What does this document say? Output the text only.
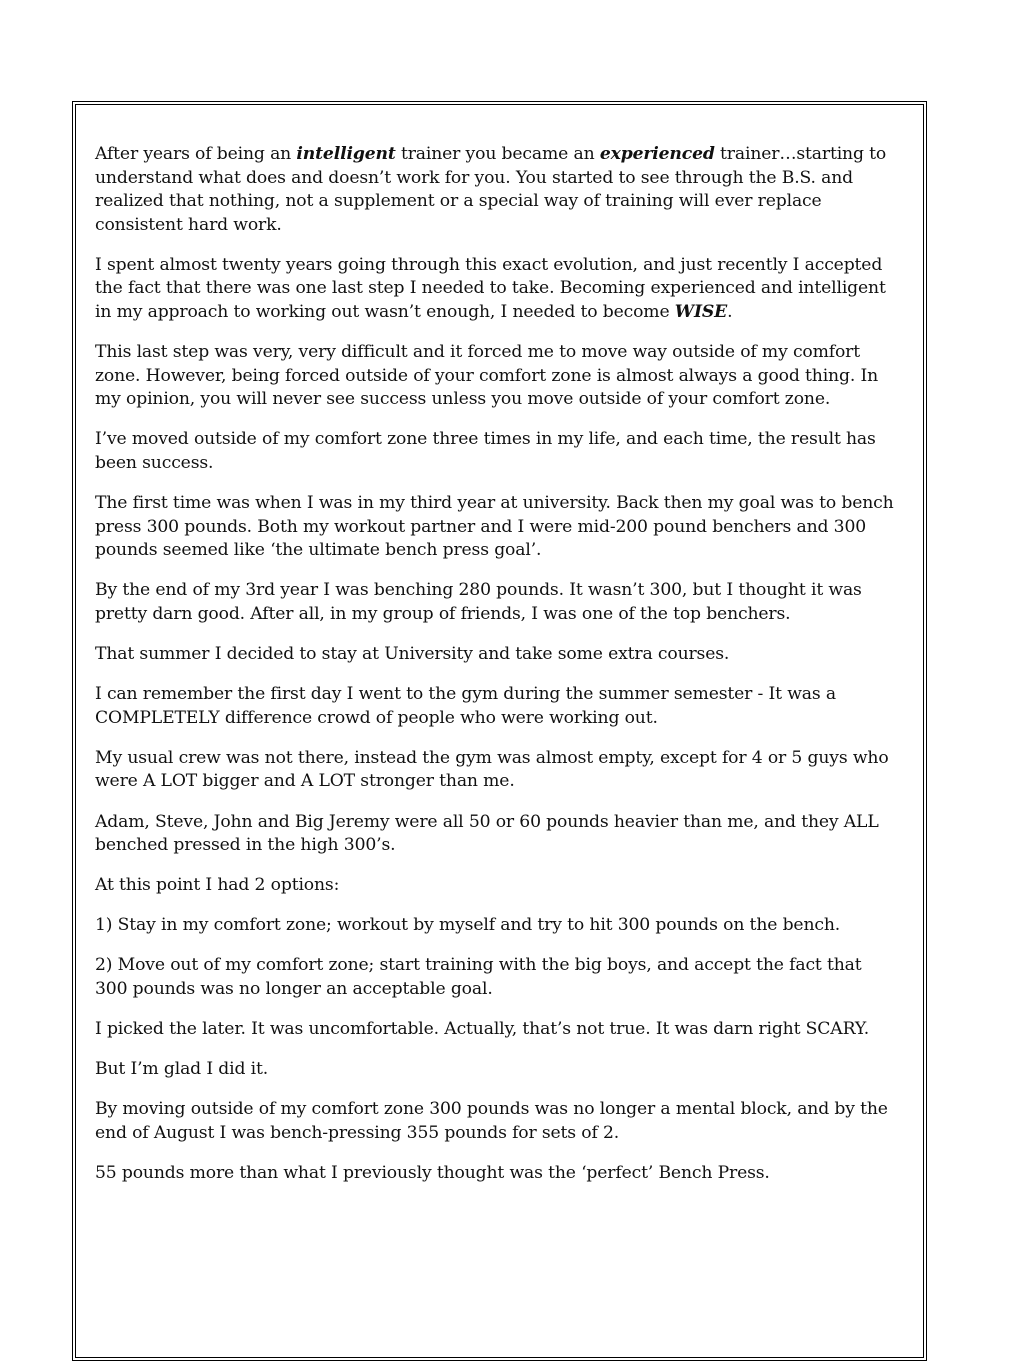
After years of being an intelligent trainer you became an experienced trainer…starting to understand what does and doesn’t work for you. You started to see through the B.S. and realized that nothing, not a supplement or a special way of training will ever replace consistent hard work.

I spent almost twenty years going through this exact evolution, and just recently I accepted the fact that there was one last step I needed to take. Becoming experienced and intelligent in my approach to working out wasn’t enough, I needed to become WISE.

This last step was very, very difficult and it forced me to move way outside of my comfort zone. However, being forced outside of your comfort zone is almost always a good thing. In my opinion, you will never see success unless you move outside of your comfort zone.

I’ve moved outside of my comfort zone three times in my life, and each time, the result has been success.

The first time was when I was in my third year at university. Back then my goal was to bench press 300 pounds. Both my workout partner and I were mid-200 pound benchers and 300 pounds seemed like ‘the ultimate bench press goal’.

By the end of my 3rd year I was benching 280 pounds. It wasn’t 300, but I thought it was pretty darn good. After all, in my group of friends, I was one of the top benchers.

That summer I decided to stay at University and take some extra courses.

I can remember the first day I went to the gym during the summer semester - It was a COMPLETELY difference crowd of people who were working out.

My usual crew was not there, instead the gym was almost empty, except for 4 or 5 guys who were A LOT bigger and A LOT stronger than me.

Adam, Steve, John and Big Jeremy were all 50 or 60 pounds heavier than me, and they ALL benched pressed in the high 300’s.

At this point I had 2 options:

1) Stay in my comfort zone; workout by myself and try to hit 300 pounds on the bench.

2) Move out of my comfort zone; start training with the big boys, and accept the fact that 300 pounds was no longer an acceptable goal.

I picked the later. It was uncomfortable. Actually, that’s not true. It was darn right SCARY.

But I’m glad I did it.

By moving outside of my comfort zone 300 pounds was no longer a mental block, and by the end of August I was bench-pressing 355 pounds for sets of 2.

55 pounds more than what I previously thought was the ‘perfect’ Bench Press.
